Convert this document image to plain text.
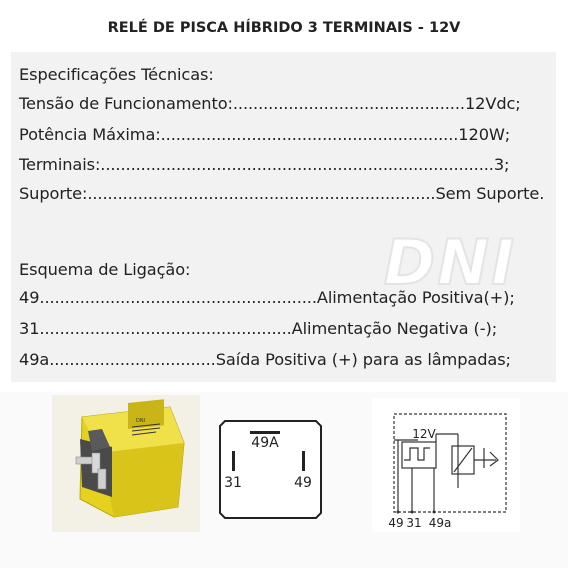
RELÉ DE PISCA HÍBRIDO 3 TERMINAIS - 12V
DNI
Especificações Técnicas:
Tensão de Funcionamento:..............................................12Vdc;
Potência Máxima:...........................................................120W;
Terminais:..............................................................................3;
Suporte:.....................................................................Sem Suporte.
Esquema de Ligação:
49.......................................................Alimentação Positiva(+);
31..................................................Alimentação Negativa (-);
49a.................................Saída Positiva (+) para as lâmpadas;
DNI
49A
31	49
12V
49 31 49a
